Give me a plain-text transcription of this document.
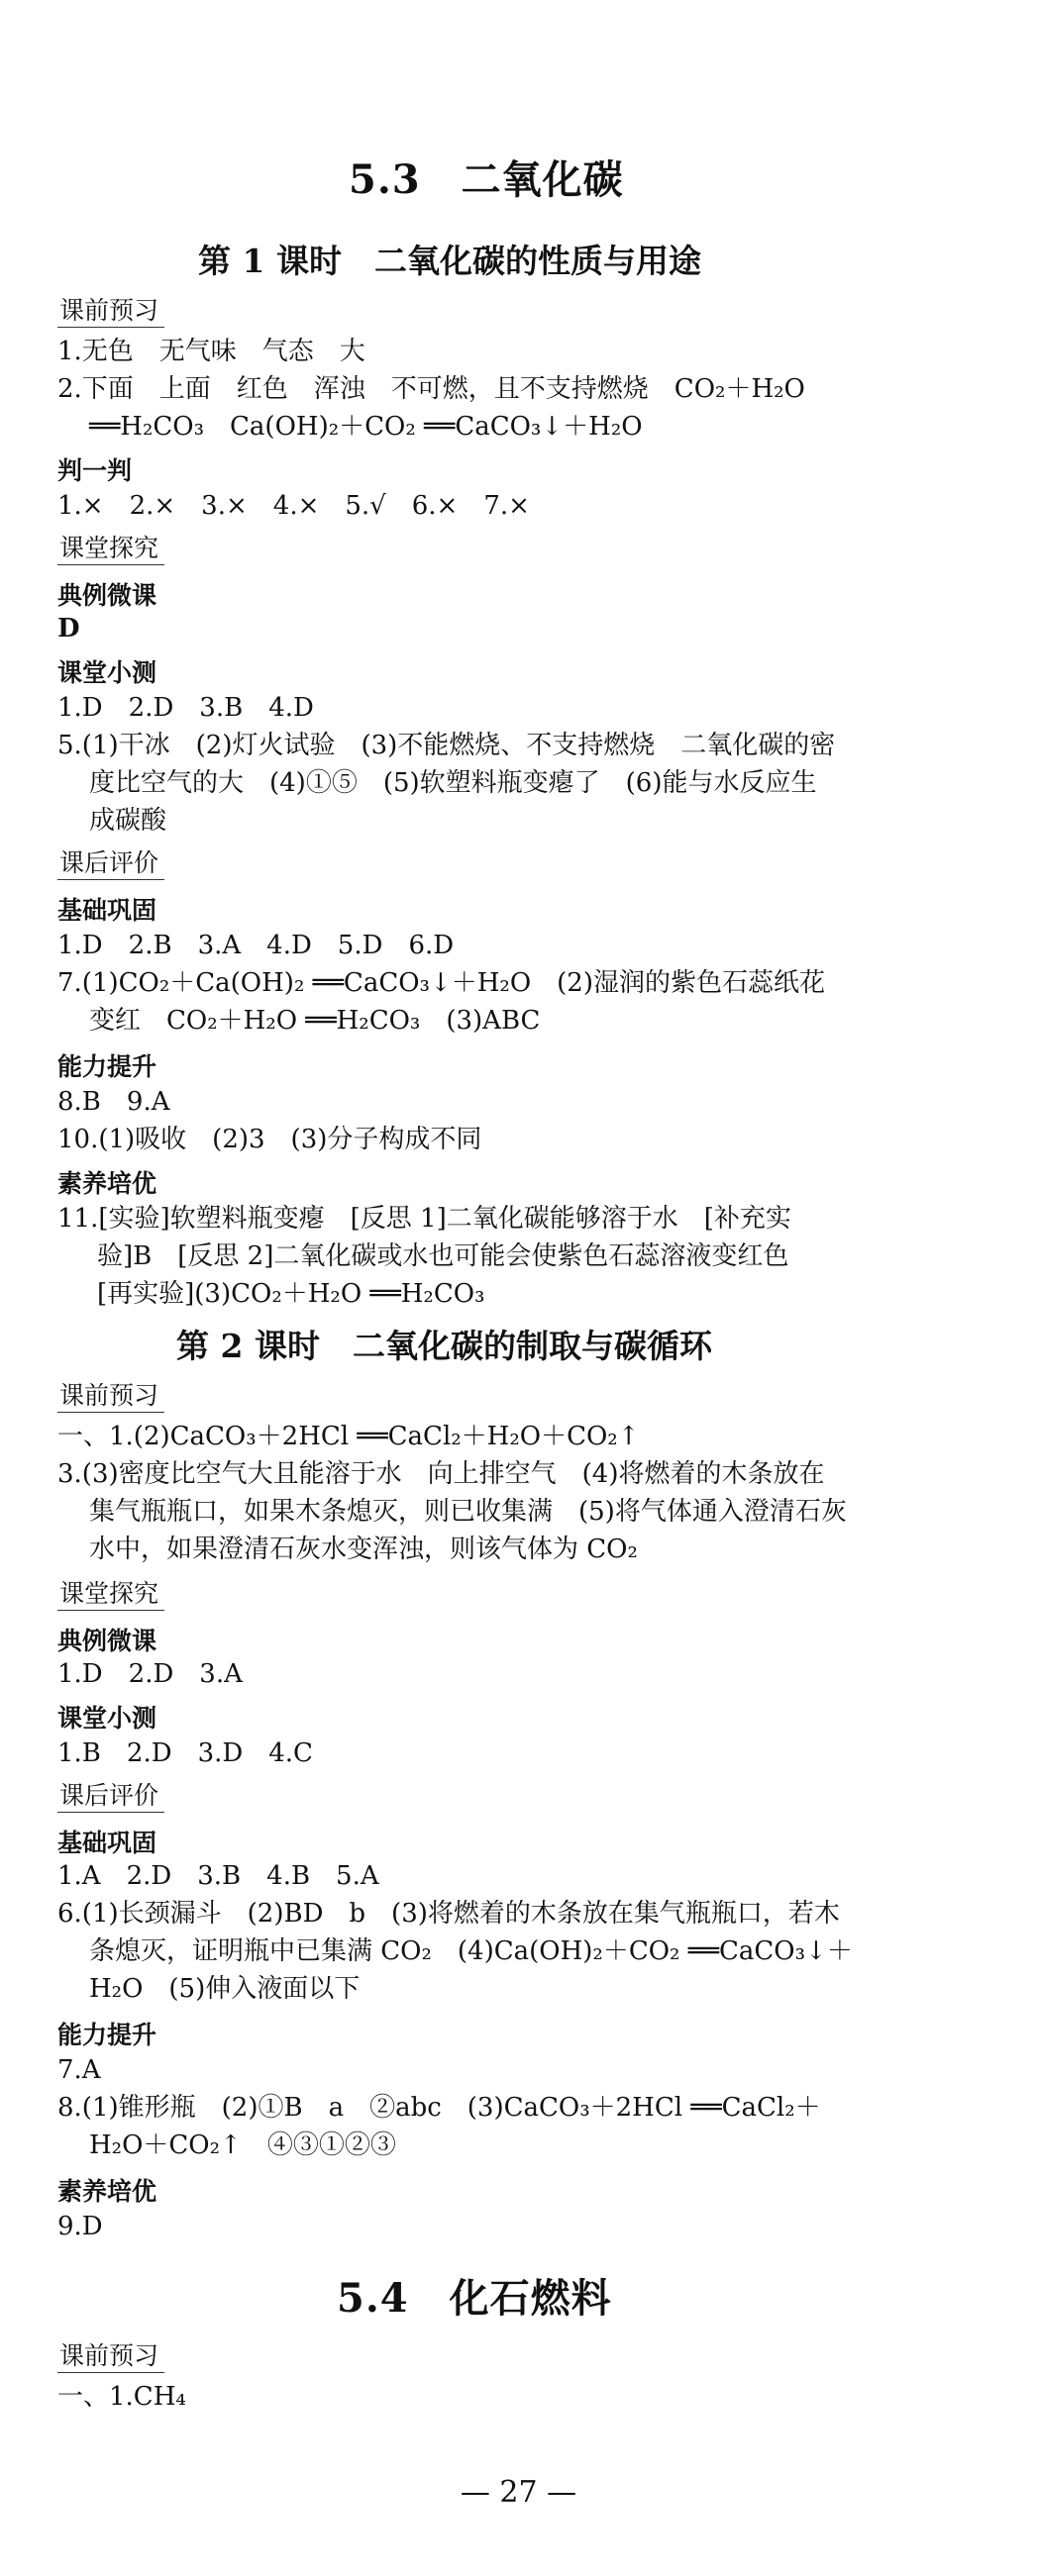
5.3　二氧化碳
第 1 课时　二氧化碳的性质与用途
课前预习
1.无色　无气味　气态　大
2.下面　上面　红色　浑浊　不可燃，且不支持燃烧　CO₂＋H₂O
══H₂CO₃　Ca(OH)₂＋CO₂ ══CaCO₃↓＋H₂O
判一判
1.×　2.×　3.×　4.×　5.√　6.×　7.×
课堂探究
典例微课
D
课堂小测
1.D　2.D　3.B　4.D
5.(1)干冰　(2)灯火试验　(3)不能燃烧、不支持燃烧　二氧化碳的密
度比空气的大　(4)①⑤　(5)软塑料瓶变瘪了　(6)能与水反应生
成碳酸
课后评价
基础巩固
1.D　2.B　3.A　4.D　5.D　6.D
7.(1)CO₂＋Ca(OH)₂ ══CaCO₃↓＋H₂O　(2)湿润的紫色石蕊纸花
变红　CO₂＋H₂O ══H₂CO₃　(3)ABC
能力提升
8.B　9.A
10.(1)吸收　(2)3　(3)分子构成不同
素养培优
11.[实验]软塑料瓶变瘪　[反思 1]二氧化碳能够溶于水　[补充实
验]B　[反思 2]二氧化碳或水也可能会使紫色石蕊溶液变红色
[再实验](3)CO₂＋H₂O ══H₂CO₃
第 2 课时　二氧化碳的制取与碳循环
课前预习
一、1.(2)CaCO₃＋2HCl ══CaCl₂＋H₂O＋CO₂↑
3.(3)密度比空气大且能溶于水　向上排空气　(4)将燃着的木条放在
集气瓶瓶口，如果木条熄灭，则已收集满　(5)将气体通入澄清石灰
水中，如果澄清石灰水变浑浊，则该气体为 CO₂
课堂探究
典例微课
1.D　2.D　3.A
课堂小测
1.B　2.D　3.D　4.C
课后评价
基础巩固
1.A　2.D　3.B　4.B　5.A
6.(1)长颈漏斗　(2)BD　b　(3)将燃着的木条放在集气瓶瓶口，若木
条熄灭，证明瓶中已集满 CO₂　(4)Ca(OH)₂＋CO₂ ══CaCO₃↓＋
H₂O　(5)伸入液面以下
能力提升
7.A
8.(1)锥形瓶　(2)①B　a　②abc　(3)CaCO₃＋2HCl ══CaCl₂＋
H₂O＋CO₂↑　④③①②③
素养培优
9.D
5.4　化石燃料
课前预习
一、1.CH₄
— 27 —
